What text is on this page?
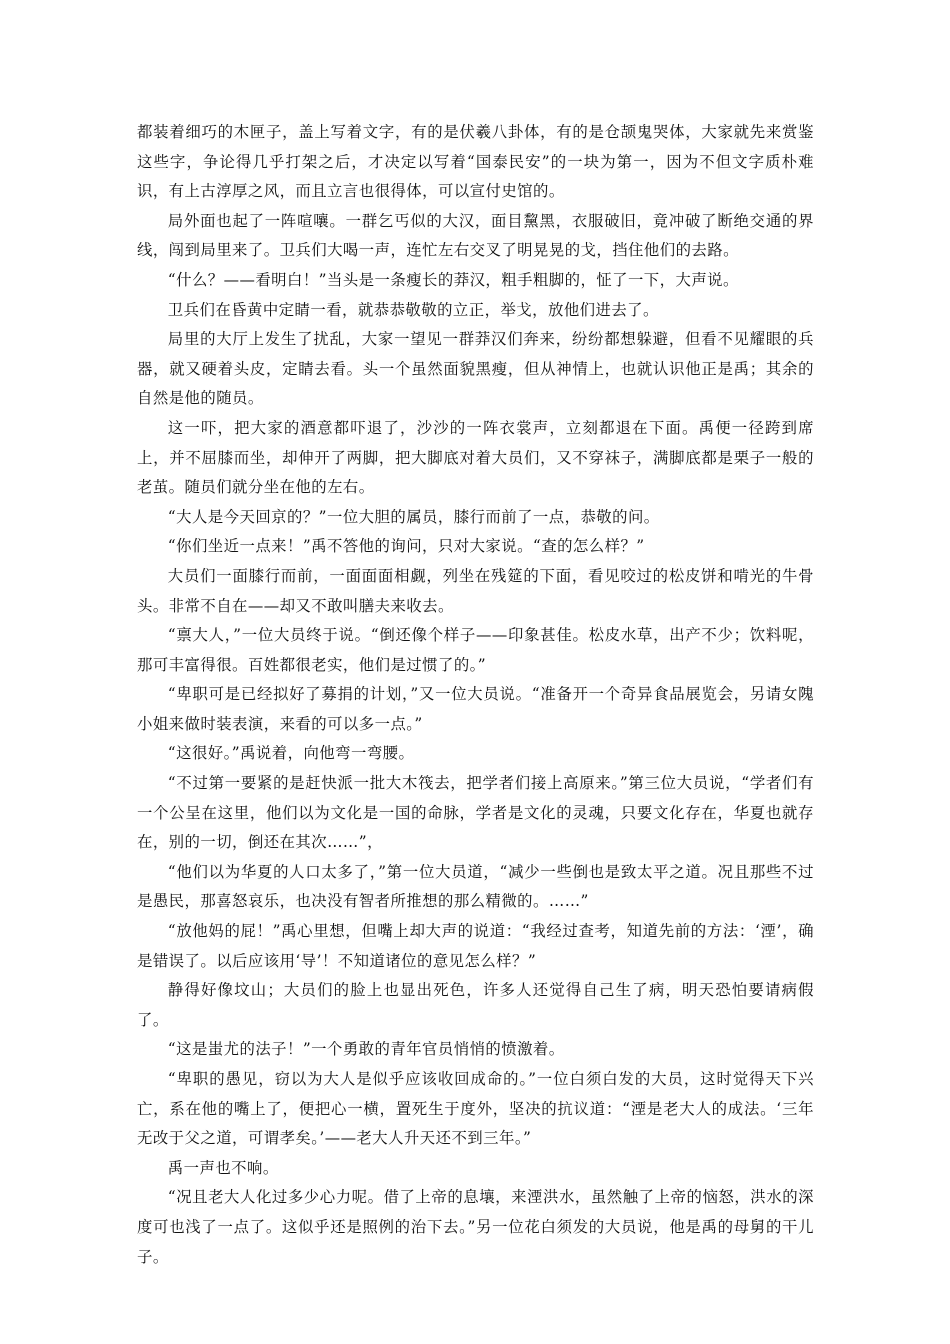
都装着细巧的木匣子，盖上写着文字，有的是伏羲八卦体，有的是仓颉鬼哭体，大家就先来赏鉴这些字，争论得几乎打架之后，才决定以写着“国泰民安”的一块为第一，因为不但文字质朴难识，有上古淳厚之风，而且立言也很得体，可以宣付史馆的。

局外面也起了一阵喧嚷。一群乞丐似的大汉，面目黧黑，衣服破旧，竟冲破了断绝交通的界线，闯到局里来了。卫兵们大喝一声，连忙左右交叉了明晃晃的戈，挡住他们的去路。

“什么？——看明白！”当头是一条瘦长的莽汉，粗手粗脚的，怔了一下，大声说。

卫兵们在昏黄中定睛一看，就恭恭敬敬的立正，举戈，放他们进去了。

局里的大厅上发生了扰乱，大家一望见一群莽汉们奔来，纷纷都想躲避，但看不见耀眼的兵器，就又硬着头皮，定睛去看。头一个虽然面貌黑瘦，但从神情上，也就认识他正是禹；其余的自然是他的随员。

这一吓，把大家的酒意都吓退了，沙沙的一阵衣裳声，立刻都退在下面。禹便一径跨到席上，并不屈膝而坐，却伸开了两脚，把大脚底对着大员们，又不穿袜子，满脚底都是栗子一般的老茧。随员们就分坐在他的左右。

“大人是今天回京的？”一位大胆的属员，膝行而前了一点，恭敬的问。

“你们坐近一点来！”禹不答他的询问，只对大家说。“查的怎么样？”

大员们一面膝行而前，一面面面相觑，列坐在残筵的下面，看见咬过的松皮饼和啃光的牛骨头。非常不自在——却又不敢叫膳夫来收去。

“禀大人，”一位大员终于说。“倒还像个样子——印象甚佳。松皮水草，出产不少；饮料呢，那可丰富得很。百姓都很老实，他们是过惯了的。”

“卑职可是已经拟好了募捐的计划，”又一位大员说。“准备开一个奇异食品展览会，另请女隗小姐来做时装表演，来看的可以多一点。”

“这很好。”禹说着，向他弯一弯腰。

“不过第一要紧的是赶快派一批大木筏去，把学者们接上高原来。”第三位大员说，“学者们有一个公呈在这里，他们以为文化是一国的命脉，学者是文化的灵魂，只要文化存在，华夏也就存在，别的一切，倒还在其次……”，

“他们以为华夏的人口太多了，”第一位大员道，“减少一些倒也是致太平之道。况且那些不过是愚民，那喜怒哀乐，也决没有智者所推想的那么精微的。……”

“放他妈的屁！”禹心里想，但嘴上却大声的说道：“我经过查考，知道先前的方法：‘湮’，确是错误了。以后应该用‘导’！不知道诸位的意见怎么样？”

静得好像坟山；大员们的脸上也显出死色，许多人还觉得自己生了病，明天恐怕要请病假了。

“这是蚩尤的法子！”一个勇敢的青年官员悄悄的愤激着。

“卑职的愚见，窃以为大人是似乎应该收回成命的。”一位白须白发的大员，这时觉得天下兴亡，系在他的嘴上了，便把心一横，置死生于度外，坚决的抗议道：“湮是老大人的成法。‘三年无改于父之道，可谓孝矣。’——老大人升天还不到三年。”

禹一声也不响。

“况且老大人化过多少心力呢。借了上帝的息壤，来湮洪水，虽然触了上帝的恼怒，洪水的深度可也浅了一点了。这似乎还是照例的治下去。”另一位花白须发的大员说，他是禹的母舅的干儿子。
